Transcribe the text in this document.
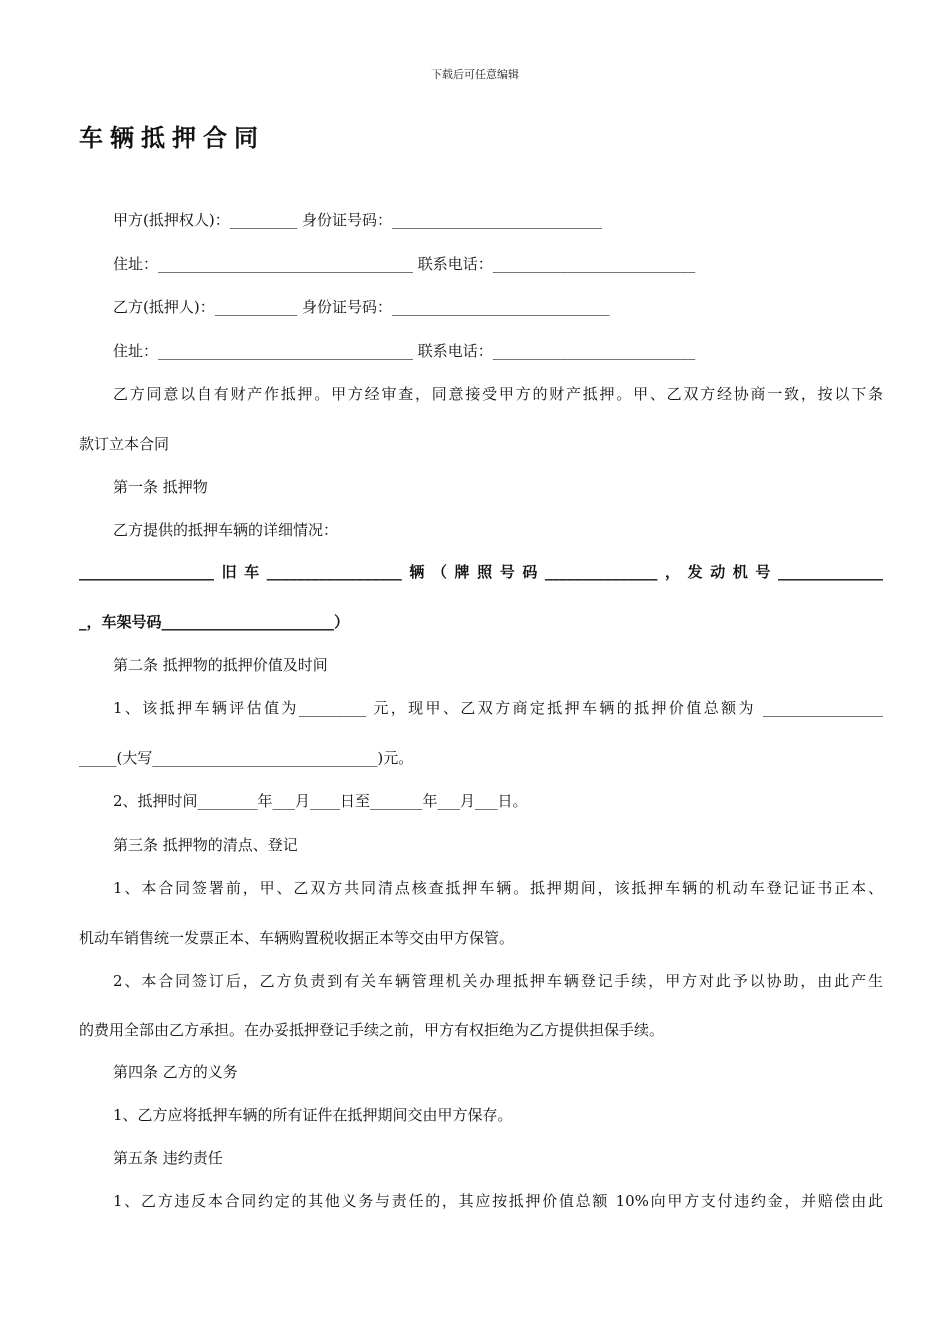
下载后可任意编辑
车辆抵押合同
甲方(抵押权人)：_________ 身份证号码：____________________________
住址：__________________________________ 联系电话：___________________________
乙方(抵押人)：___________ 身份证号码：_____________________________
住址：__________________________________ 联系电话：___________________________
乙方同意以自有财产作抵押。甲方经审查，同意接受甲方的财产抵押。甲、乙双方经协商一致，按以下条
款订立本合同
第一条 抵押物
乙方提供的抵押车辆的详细情况：
__________________旧车__________________辆（牌照号码_______________，发动机号______________
_，车架号码_______________________）
第二条 抵押物的抵押价值及时间
1、该抵押车辆评估值为_________ 元，现甲、乙双方商定抵押车辆的抵押价值总额为 ________________
_____(大写______________________________)元。
2、抵押时间________年___月____日至_______年___月___日。
第三条 抵押物的清点、登记
1、本合同签署前，甲、乙双方共同清点核查抵押车辆。抵押期间，该抵押车辆的机动车登记证书正本、
机动车销售统一发票正本、车辆购置税收据正本等交由甲方保管。
2、本合同签订后，乙方负责到有关车辆管理机关办理抵押车辆登记手续，甲方对此予以协助，由此产生
的费用全部由乙方承担。在办妥抵押登记手续之前，甲方有权拒绝为乙方提供担保手续。
第四条 乙方的义务
1、乙方应将抵押车辆的所有证件在抵押期间交由甲方保存。
第五条 违约责任
1、乙方违反本合同约定的其他义务与责任的，其应按抵押价值总额 10%向甲方支付违约金，并赔偿由此
